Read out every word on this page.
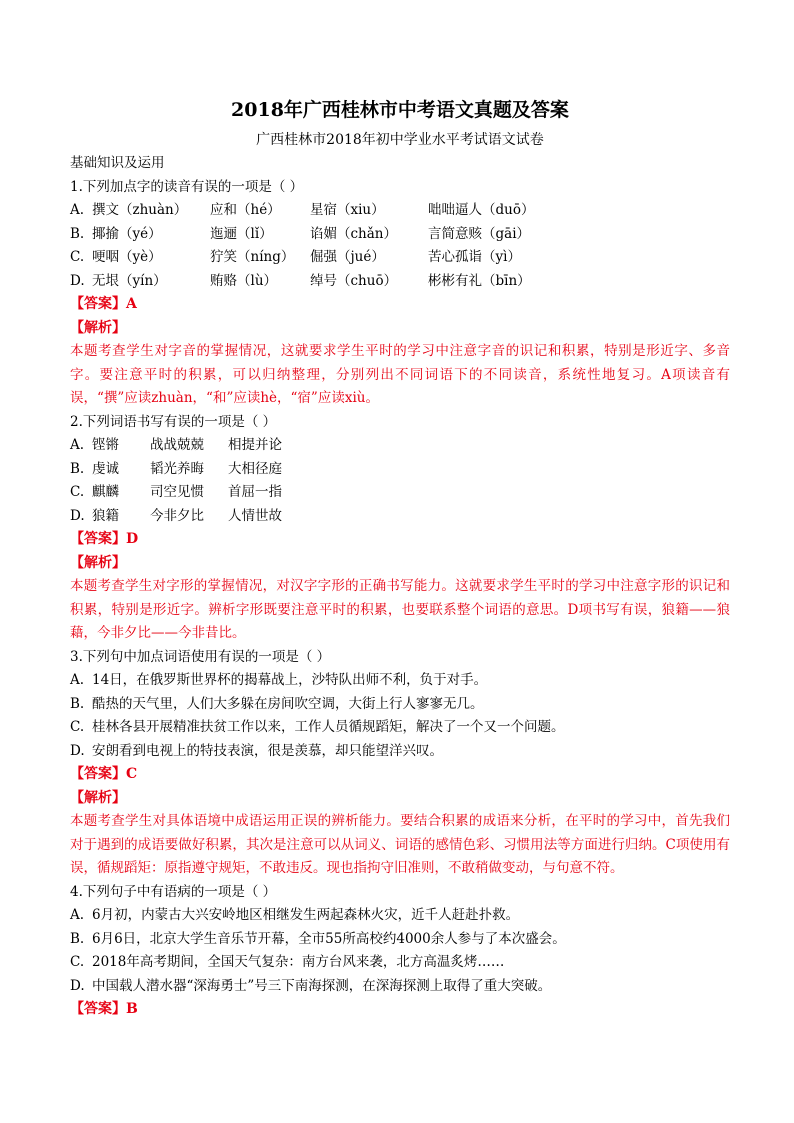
2018年广西桂林市中考语文真题及答案
广西桂林市2018年初中学业水平考试语文试卷
基础知识及运用
1.下列加点字的读音有误的一项是（ ）
A. 撰文（zhuàn）	应和（hé）	星宿（xiu）	咄咄逼人（duō）
B. 揶揄（yé）	迤逦（lǐ）	谄媚（chǎn）	言简意赅（gāi）
C. 哽咽（yè）	狞笑（níng）	倔强（jué）	苦心孤诣（yì）
D. 无垠（yín）	贿赂（lù）	绰号（chuō）	彬彬有礼（bīn）
【答案】A
【解析】
本题考查学生对字音的掌握情况，这就要求学生平时的学习中注意字音的识记和积累，特别是形近字、多音字。要注意平时的积累，可以归纳整理，分别列出不同词语下的不同读音，系统性地复习。A项读音有误，“撰”应读zhuàn，“和”应读hè，“宿”应读xiù。
2.下列词语书写有误的一项是（ ）
A. 铿锵	战战兢兢	相提并论
B. 虔诚	韬光养晦	大相径庭
C. 麒麟	司空见惯	首屈一指
D. 狼籍	今非夕比	人情世故
【答案】D
【解析】
本题考查学生对字形的掌握情况，对汉字字形的正确书写能力。这就要求学生平时的学习中注意字形的识记和积累，特别是形近字。辨析字形既要注意平时的积累，也要联系整个词语的意思。D项书写有误，狼籍——狼藉，今非夕比——今非昔比。
3.下列句中加点词语使用有误的一项是（ ）
A. 14日，在俄罗斯世界杯的揭幕战上，沙特队出师不利，负于对手。
B. 酷热的天气里，人们大多躲在房间吹空调，大街上行人寥寥无几。
C. 桂林各县开展精准扶贫工作以来，工作人员循规蹈矩，解决了一个又一个问题。
D. 安朗看到电视上的特技表演，很是羡慕，却只能望洋兴叹。
【答案】C
【解析】
本题考查学生对具体语境中成语运用正误的辨析能力。要结合积累的成语来分析，在平时的学习中，首先我们对于遇到的成语要做好积累，其次是注意可以从词义、词语的感情色彩、习惯用法等方面进行归纳。C项使用有误，循规蹈矩：原指遵守规矩，不敢违反。现也指拘守旧准则，不敢稍做变动，与句意不符。
4.下列句子中有语病的一项是（ ）
A. 6月初，内蒙古大兴安岭地区相继发生两起森林火灾，近千人赶赴扑救。
B. 6月6日，北京大学生音乐节开幕，全市55所高校约4000余人参与了本次盛会。
C. 2018年高考期间，全国天气复杂：南方台风来袭，北方高温炙烤……
D. 中国载人潜水器“深海勇士”号三下南海探测，在深海探测上取得了重大突破。
【答案】B
